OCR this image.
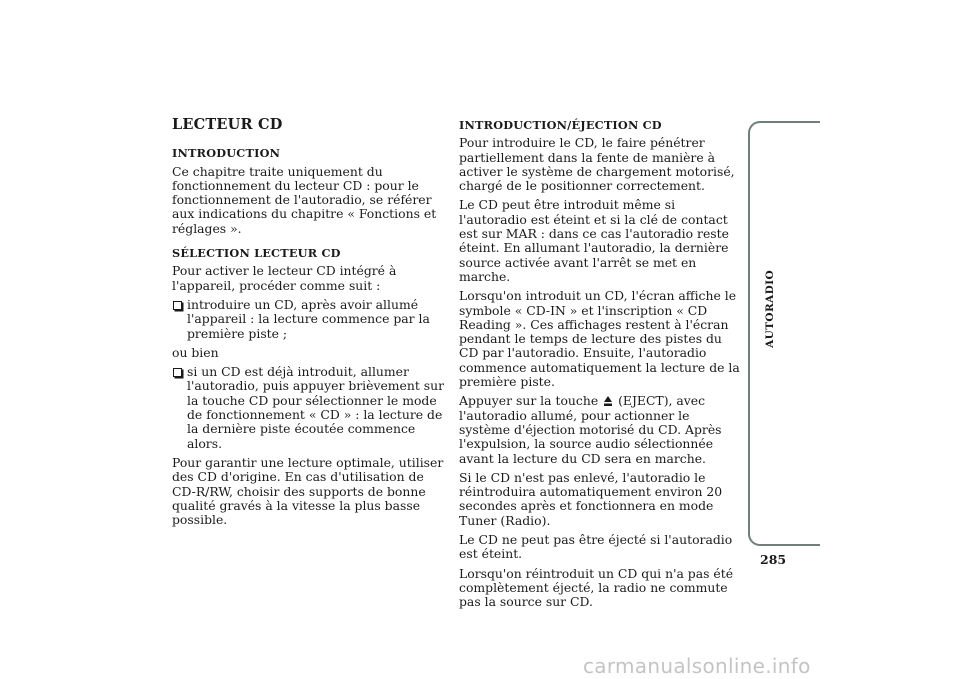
LECTEUR CD
INTRODUCTION

Ce chapitre traite uniquement du fonctionnement du lecteur CD : pour le fonctionnement de l'autoradio, se référer aux indications du chapitre « Fonctions et réglages ».

SÉLECTION LECTEUR CD

Pour activer le lecteur CD intégré à l'appareil, procéder comme suit :

introduire un CD, après avoir allumé l'appareil : la lecture commence par la première piste ;

ou bien

si un CD est déjà introduit, allumer l'autoradio, puis appuyer brièvement sur la touche CD pour sélectionner le mode de fonctionnement « CD » : la lecture de la dernière piste écoutée commence alors.

Pour garantir une lecture optimale, utiliser des CD d'origine. En cas d'utilisation de CD-R/RW, choisir des supports de bonne qualité gravés à la vitesse la plus basse possible.

INTRODUCTION/ÉJECTION CD

Pour introduire le CD, le faire pénétrer partiellement dans la fente de manière à activer le système de chargement motorisé, chargé de le positionner correctement.

Le CD peut être introduit même si l'autoradio est éteint et si la clé de contact est sur MAR : dans ce cas l'autoradio reste éteint. En allumant l'autoradio, la dernière source activée avant l'arrêt se met en marche.

Lorsqu'on introduit un CD, l'écran affiche le symbole « CD-IN » et l'inscription « CD Reading ». Ces affichages restent à l'écran pendant le temps de lecture des pistes du CD par l'autoradio. Ensuite, l'autoradio commence automatiquement la lecture de la première piste.

Appuyer sur la touche (EJECT), avec l'autoradio allumé, pour actionner le système d'éjection motorisé du CD. Après l'expulsion, la source audio sélectionnée avant la lecture du CD sera en marche.

Si le CD n'est pas enlevé, l'autoradio le réintroduira automatiquement environ 20 secondes après et fonctionnera en mode Tuner (Radio).

Le CD ne peut pas être éjecté si l'autoradio est éteint.

Lorsqu'on réintroduit un CD qui n'a pas été complètement éjecté, la radio ne commute pas la source sur CD.

AUTORADIO
285
carmanualsonline.info
